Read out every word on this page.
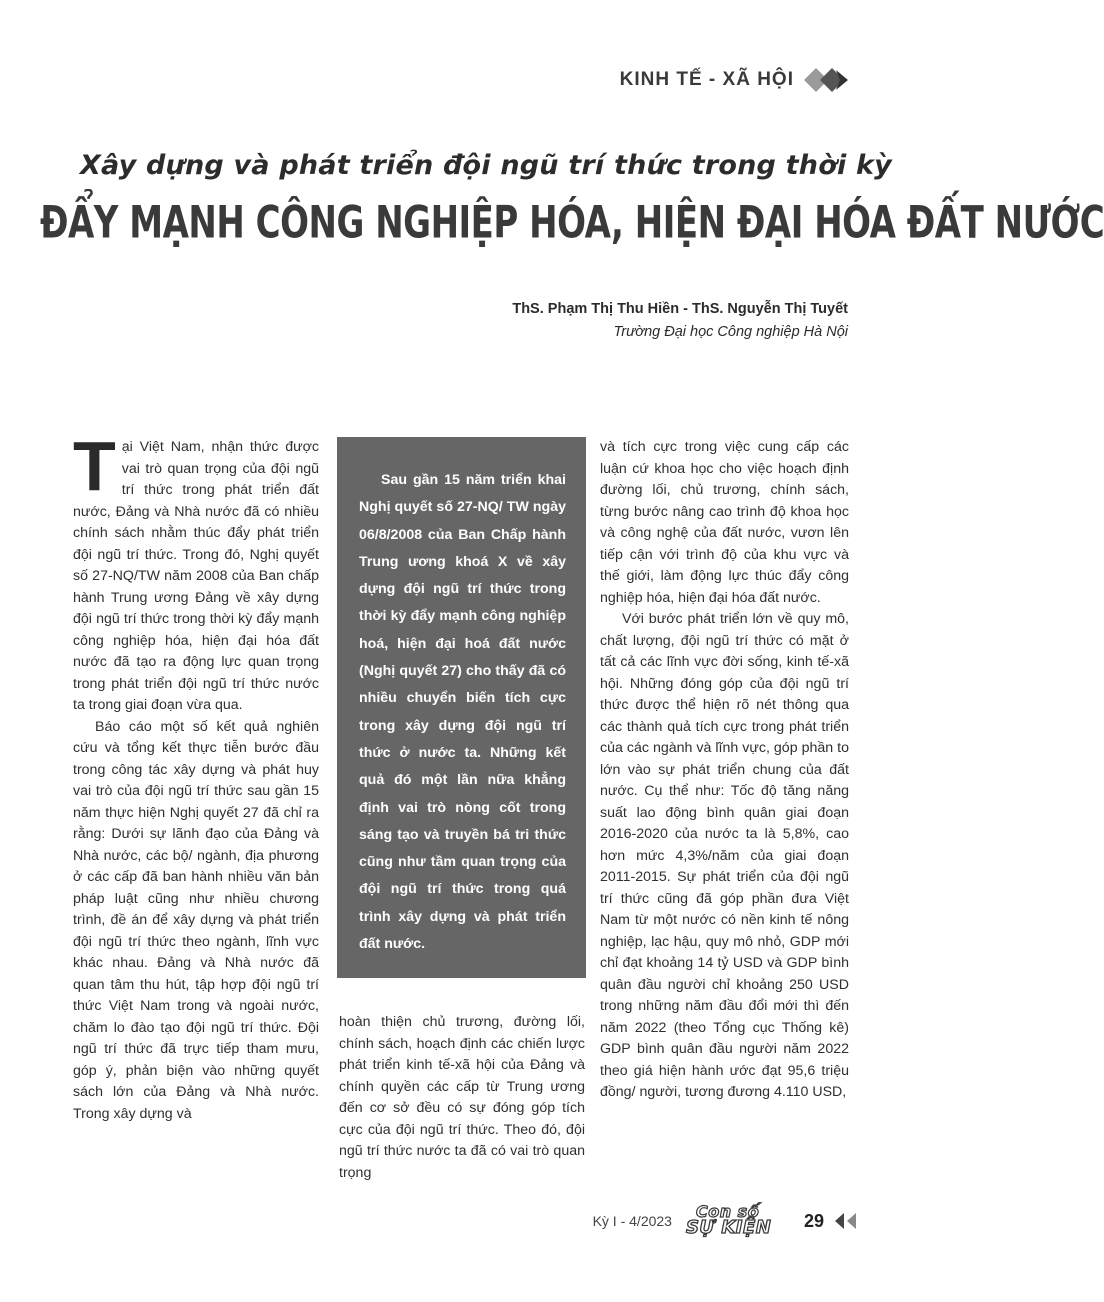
KINH TẾ - XÃ HỘI
Xây dựng và phát triển đội ngũ trí thức trong thời kỳ
ĐẨY MẠNH CÔNG NGHIỆP HÓA, HIỆN ĐẠI HÓA ĐẤT NƯỚC
ThS. Phạm Thị Thu Hiền - ThS. Nguyễn Thị Tuyết
Trường Đại học Công nghiệp Hà Nội

Tại Việt Nam, nhận thức được vai trò quan trọng của đội ngũ trí thức trong phát triển đất nước, Đảng và Nhà nước đã có nhiều chính sách nhằm thúc đẩy phát triển đội ngũ trí thức. Trong đó, Nghị quyết số 27-NQ/TW năm 2008 của Ban chấp hành Trung ương Đảng về xây dựng đội ngũ trí thức trong thời kỳ đẩy mạnh công nghiệp hóa, hiện đại hóa đất nước đã tạo ra động lực quan trọng trong phát triển đội ngũ trí thức nước ta trong giai đoạn vừa qua.

Báo cáo một số kết quả nghiên cứu và tổng kết thực tiễn bước đầu trong công tác xây dựng và phát huy vai trò của đội ngũ trí thức sau gần 15 năm thực hiện Nghị quyết 27 đã chỉ ra rằng: Dưới sự lãnh đạo của Đảng và Nhà nước, các bộ/ ngành, địa phương ở các cấp đã ban hành nhiều văn bản pháp luật cũng như nhiều chương trình, đề án để xây dựng và phát triển đội ngũ trí thức theo ngành, lĩnh vực khác nhau. Đảng và Nhà nước đã quan tâm thu hút, tập hợp đội ngũ trí thức Việt Nam trong và ngoài nước, chăm lo đào tạo đội ngũ trí thức. Đội ngũ trí thức đã trực tiếp tham mưu, góp ý, phản biện vào những quyết sách lớn của Đảng và Nhà nước. Trong xây dựng và

Sau gần 15 năm triển khai Nghị quyết số 27-NQ/ TW ngày 06/8/2008 của Ban Chấp hành Trung ương khoá X về xây dựng đội ngũ trí thức trong thời kỳ đẩy mạnh công nghiệp hoá, hiện đại hoá đất nước (Nghị quyết 27) cho thấy đã có nhiều chuyển biến tích cực trong xây dựng đội ngũ trí thức ở nước ta. Những kết quả đó một lần nữa khẳng định vai trò nòng cốt trong sáng tạo và truyền bá tri thức cũng như tầm quan trọng của đội ngũ trí thức trong quá trình xây dựng và phát triển đất nước.

hoàn thiện chủ trương, đường lối, chính sách, hoạch định các chiến lược phát triển kinh tế-xã hội của Đảng và chính quyền các cấp từ Trung ương đến cơ sở đều có sự đóng góp tích cực của đội ngũ trí thức. Theo đó, đội ngũ trí thức nước ta đã có vai trò quan trọng

và tích cực trong việc cung cấp các luận cứ khoa học cho việc hoạch định đường lối, chủ trương, chính sách, từng bước nâng cao trình độ khoa học và công nghệ của đất nước, vươn lên tiếp cận với trình độ của khu vực và thế giới, làm động lực thúc đẩy công nghiệp hóa, hiện đại hóa đất nước.

Với bước phát triển lớn về quy mô, chất lượng, đội ngũ trí thức có mặt ở tất cả các lĩnh vực đời sống, kinh tế-xã hội. Những đóng góp của đội ngũ trí thức được thể hiện rõ nét thông qua các thành quả tích cực trong phát triển của các ngành và lĩnh vực, góp phần to lớn vào sự phát triển chung của đất nước. Cụ thể như: Tốc độ tăng năng suất lao động bình quân giai đoạn 2016-2020 của nước ta là 5,8%, cao hơn mức 4,3%/năm của giai đoạn 2011-2015. Sự phát triển của đội ngũ trí thức cũng đã góp phần đưa Việt Nam từ một nước có nền kinh tế nông nghiệp, lạc hậu, quy mô nhỏ, GDP mới chỉ đạt khoảng 14 tỷ USD và GDP bình quân đầu người chỉ khoảng 250 USD trong những năm đầu đổi mới thì đến năm 2022 (theo Tổng cục Thống kê) GDP bình quân đầu người năm 2022 theo giá hiện hành ước đạt 95,6 triệu đồng/ người, tương đương 4.110 USD,

Kỳ I - 4/2023 Con số
SỰ KIỆN 29
